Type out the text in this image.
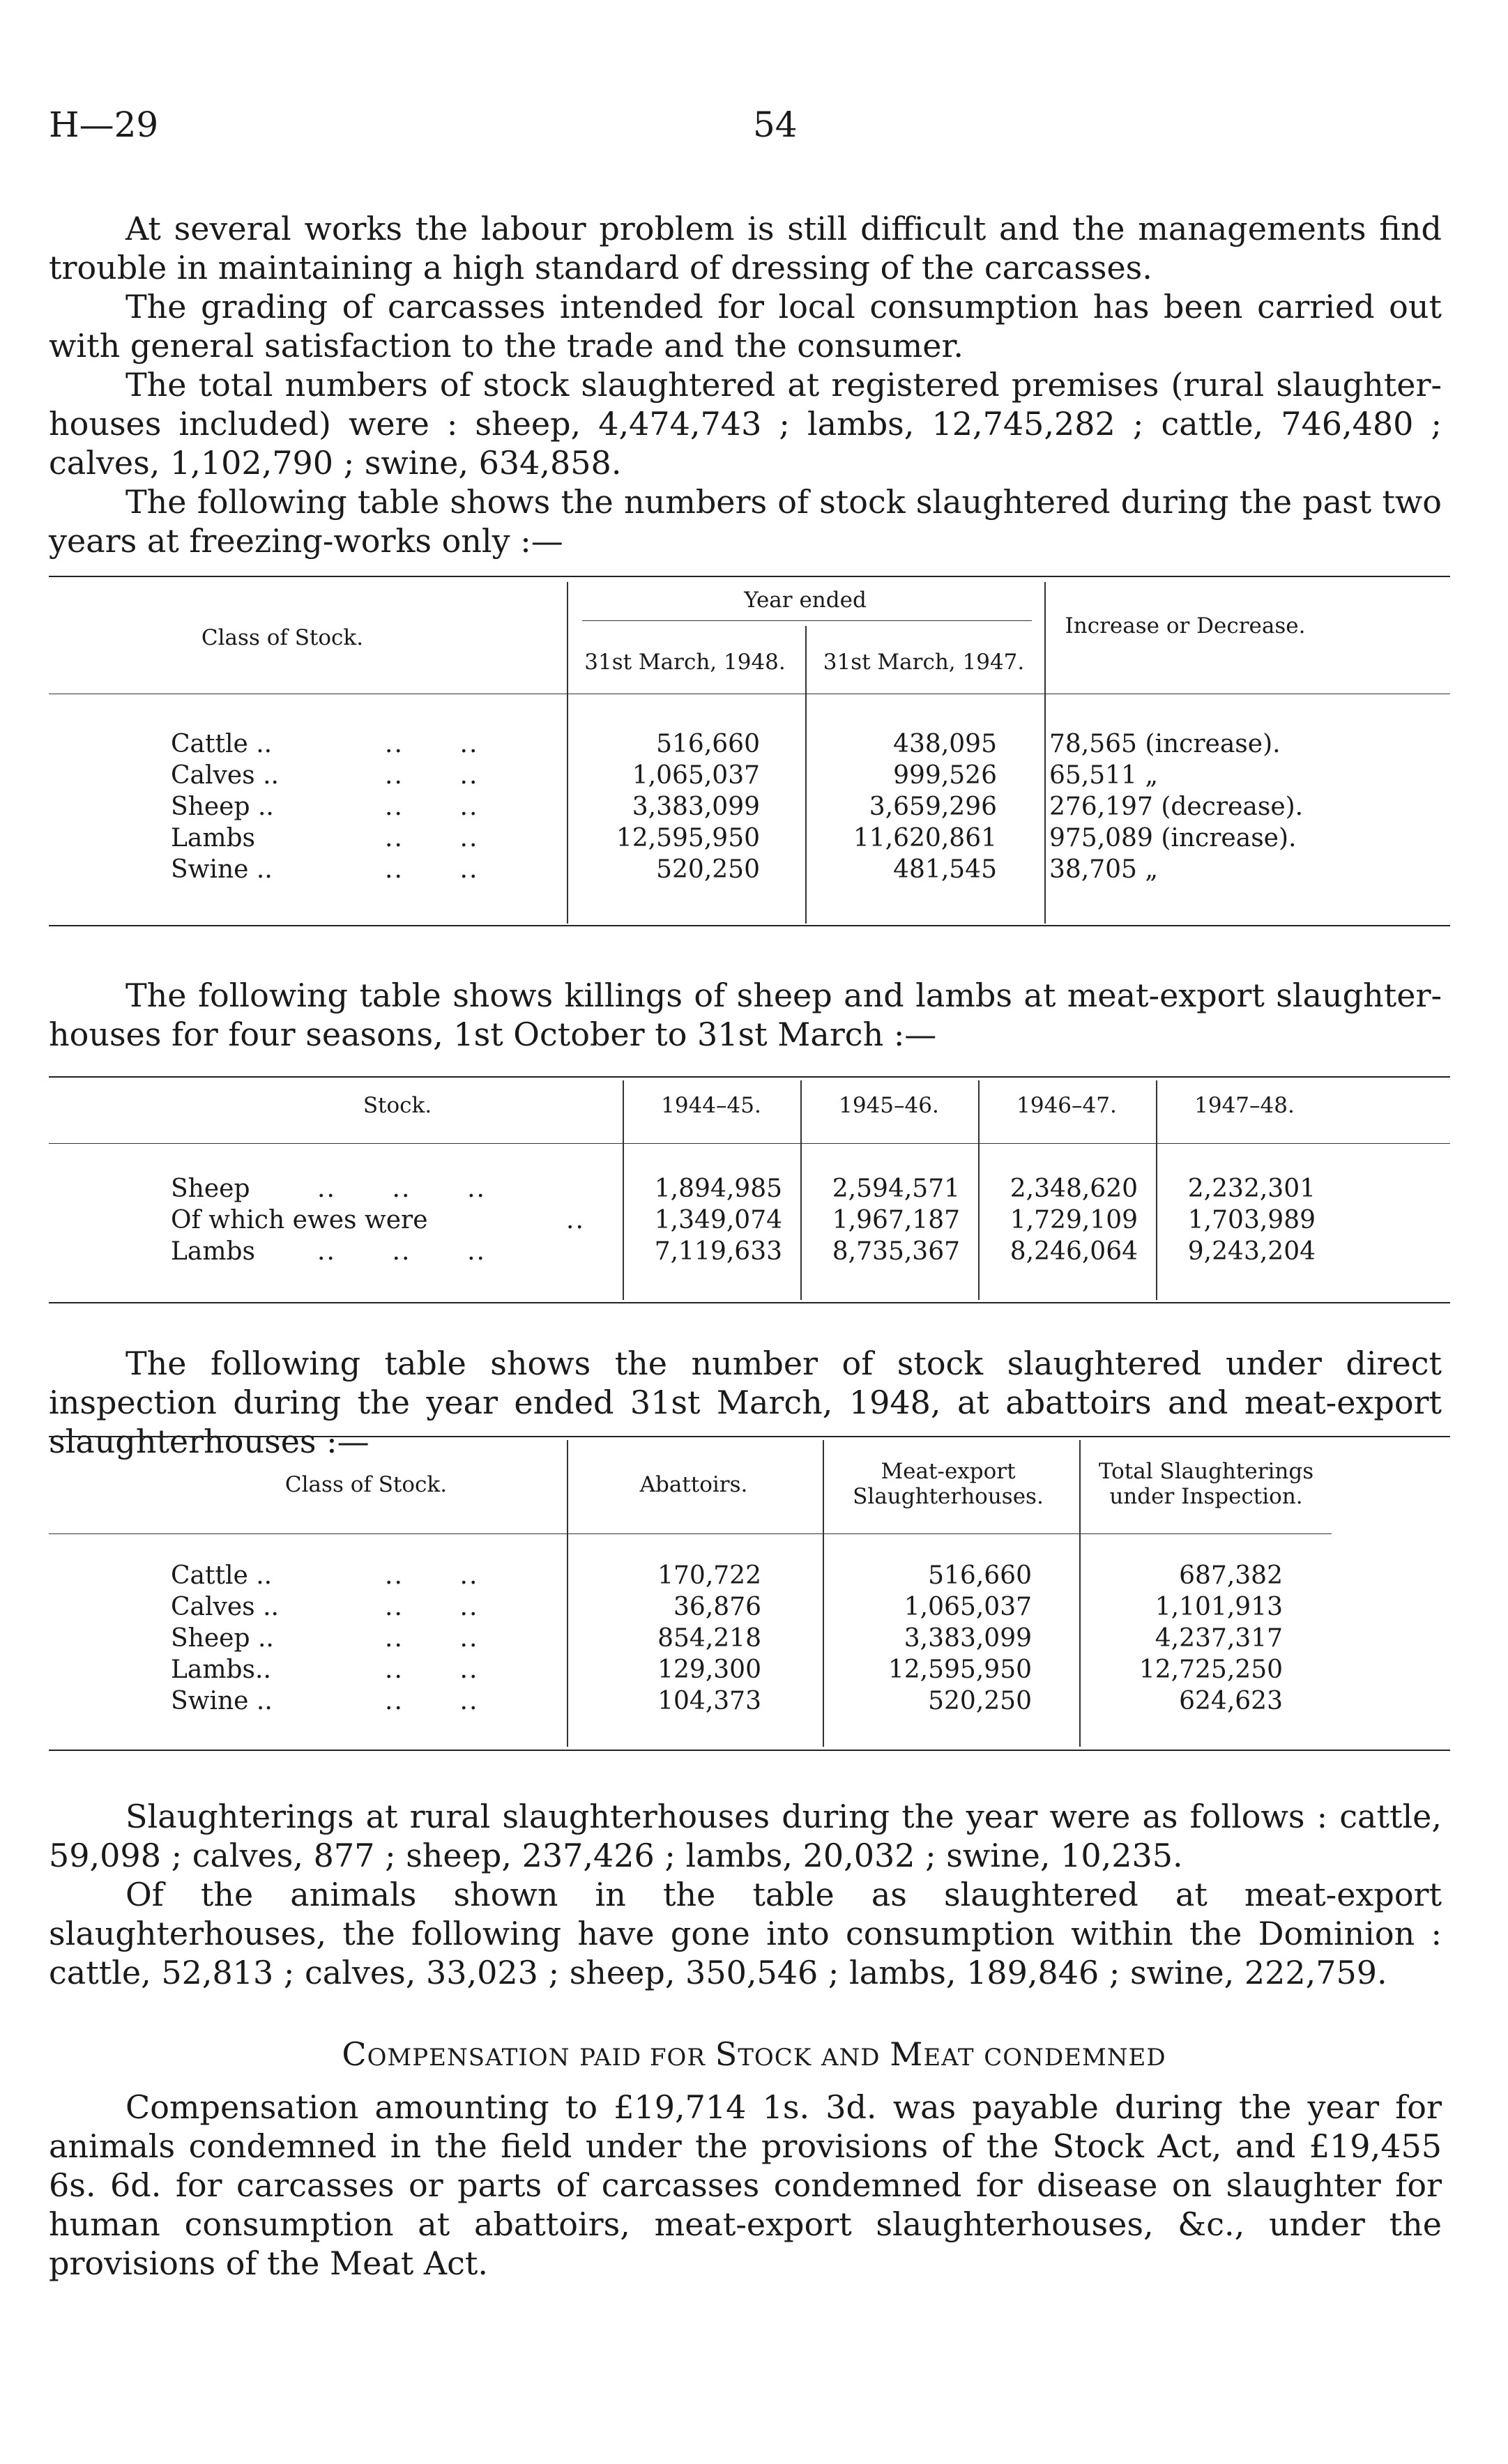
H—29	54

At several works the labour problem is still difficult and the managements find trouble in maintaining a high standard of dressing of the carcasses.

The grading of carcasses intended for local consumption has been carried out with general satisfaction to the trade and the consumer.

The total numbers of stock slaughtered at registered premises (rural slaughter-houses included) were : sheep, 4,474,743 ; lambs, 12,745,282 ; cattle, 746,480 ; calves, 1,102,790 ; swine, 634,858.

The following table shows the numbers of stock slaughtered during the past two years at freezing-works only :—

Class of Stock.
Year ended
31st March, 1948.	31st March, 1947.
Increase or Decrease.
Cattle ..	..      ..	516,660	438,095 78,565 (increase).
Calves ..	..      ..	1,065,037	999,526 65,511 „
Sheep ..	..      ..	3,383,099	3,659,296 276,197 (decrease).
Lambs	..      ..	12,595,950	11,620,861 975,089 (increase).
Swine ..	..      ..	520,250	481,545 38,705 „

The following table shows killings of sheep and lambs at meat-export slaughter-houses for four seasons, 1st October to 31st March :—

Stock.	1944–45.	1945–46.	1946–47.	1947–48.
Sheep	..      ..      ..	1,894,985	2,594,571	2,348,620	2,232,301
Of which ewes were	..	1,349,074	1,967,187	1,729,109	1,703,989
Lambs ..      ..      ..	7,119,633	8,735,367	8,246,064	9,243,204

The following table shows the number of stock slaughtered under direct inspection during the year ended 31st March, 1948, at abattoirs and meat-export slaughterhouses :—

Class of Stock.	Abattoirs.
Meat-export Slaughterhouses.
Total Slaughterings under Inspection.
Cattle ..	..      ..	170,722	516,660	687,382
Calves ..	..      ..	36,876	1,065,037	1,101,913
Sheep ..	..      ..	854,218	3,383,099	4,237,317
Lambs..	..      ..	129,300	12,595,950	12,725,250
Swine ..	..      ..	104,373	520,250	624,623

Slaughterings at rural slaughterhouses during the year were as follows : cattle, 59,098 ; calves, 877 ; sheep, 237,426 ; lambs, 20,032 ; swine, 10,235.

Of the animals shown in the table as slaughtered at meat-export slaughterhouses, the following have gone into consumption within the Dominion : cattle, 52,813 ; calves, 33,023 ; sheep, 350,546 ; lambs, 189,846 ; swine, 222,759.

COMPENSATION PAID FOR STOCK AND MEAT CONDEMNED

Compensation amounting to £19,714 1s. 3d. was payable during the year for animals condemned in the field under the provisions of the Stock Act, and £19,455 6s. 6d. for carcasses or parts of carcasses condemned for disease on slaughter for human consumption at abattoirs, meat-export slaughterhouses, &c., under the provisions of the Meat Act.
